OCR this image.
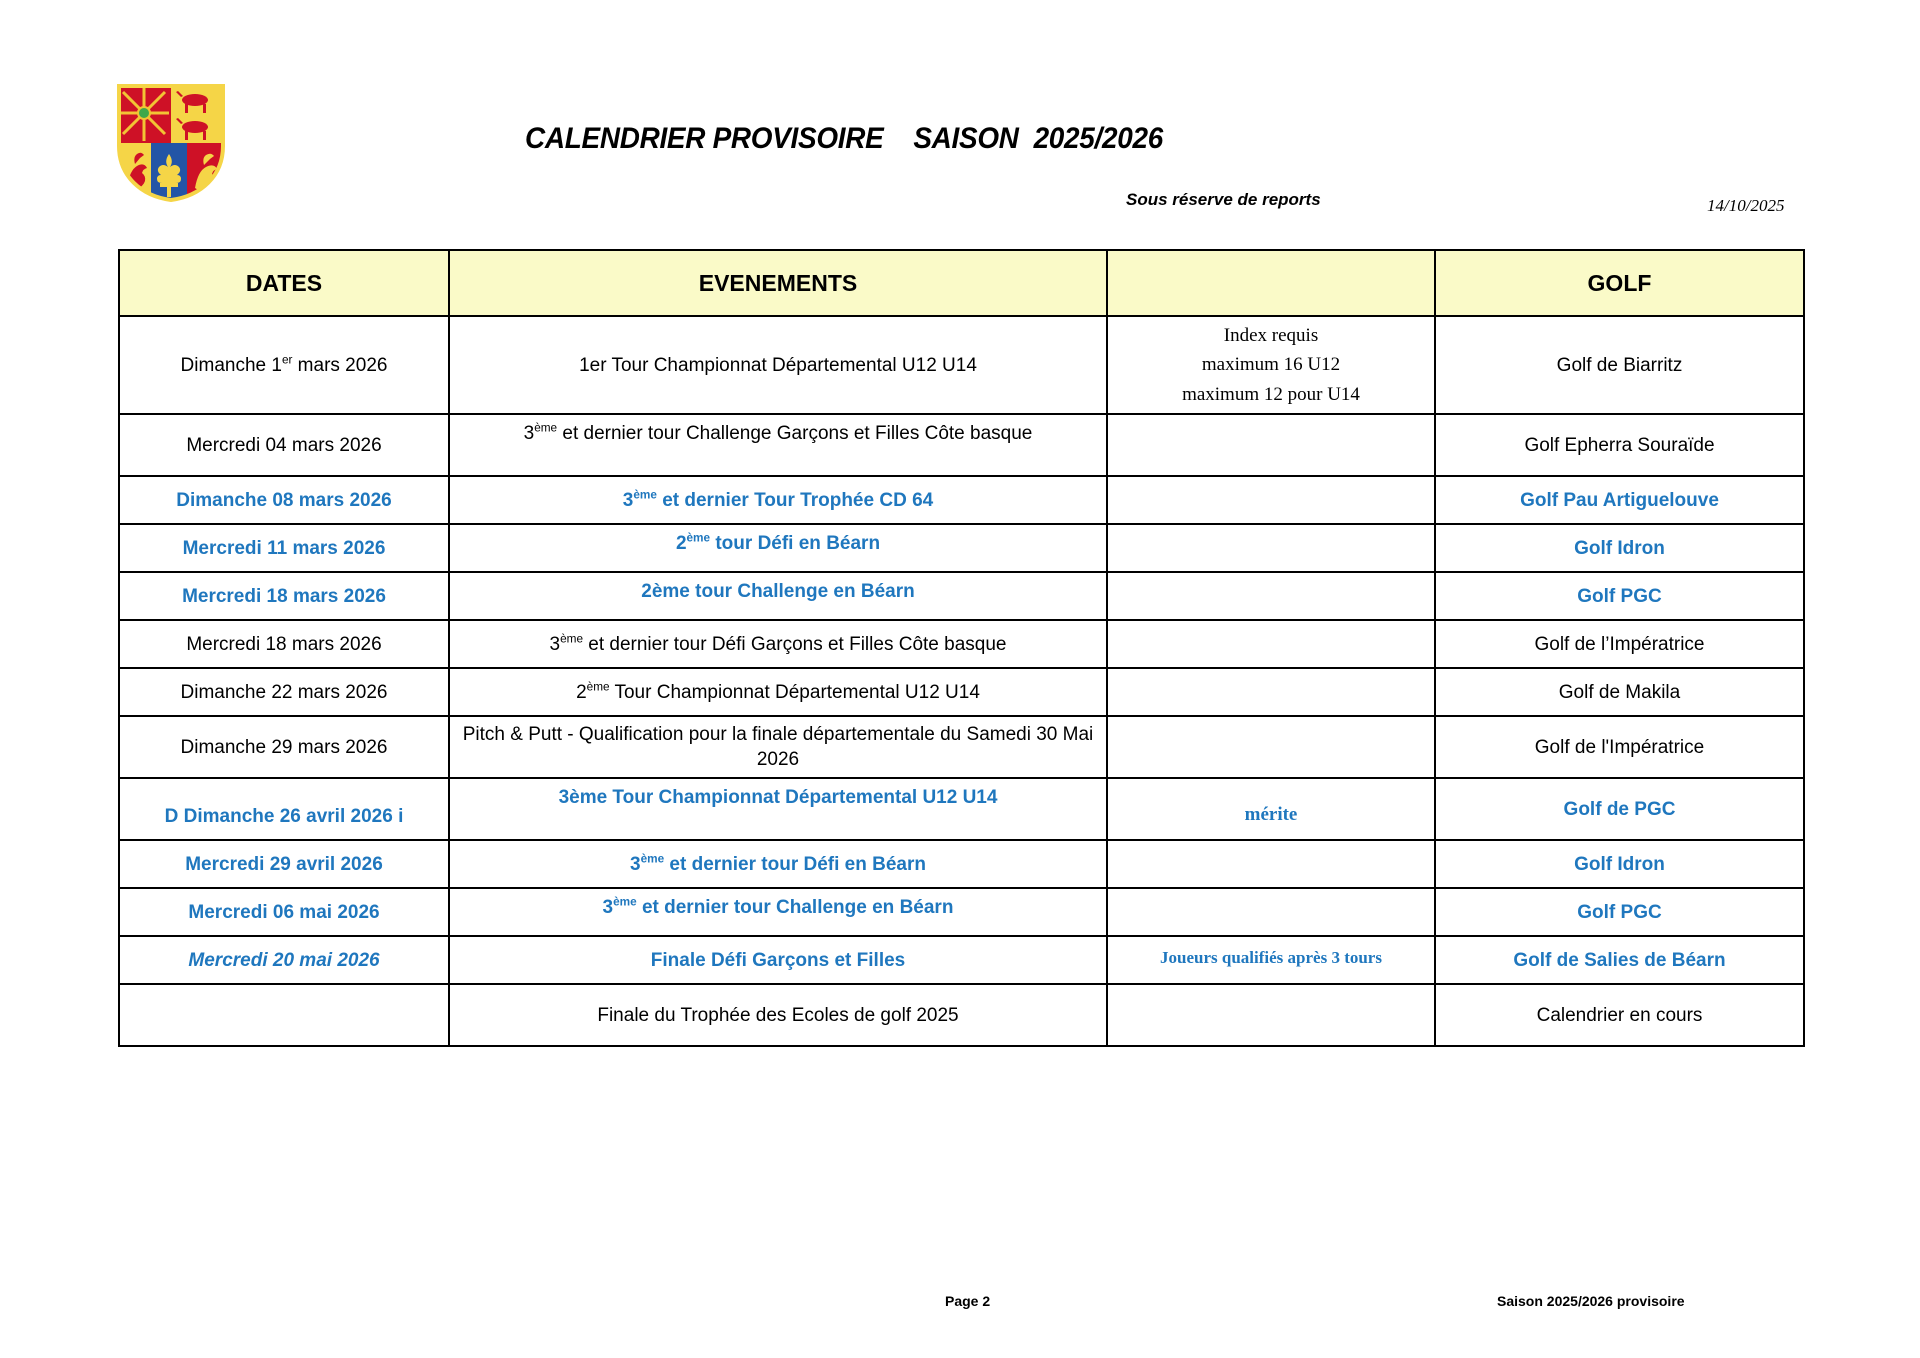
CALENDRIER PROVISOIRE    SAISON  2025/2026
Sous réserve de reports	14/10/2025
DATES	EVENEMENTS		GOLF
Dimanche 1er mars 2026	1er Tour Championnat Départemental U12 U14	Index requis
maximum 16 U12
maximum 12 pour U14	Golf de Biarritz
Mercredi 04 mars 2026	3ème et dernier tour Challenge Garçons et Filles Côte basque		Golf Epherra Souraïde
Dimanche 08 mars 2026	3ème et dernier Tour Trophée CD 64		Golf Pau Artiguelouve
Mercredi 11 mars 2026	2ème tour Défi en Béarn		Golf Idron
Mercredi 18 mars 2026	2ème tour Challenge en Béarn		Golf PGC
Mercredi 18 mars 2026	3ème et dernier tour Défi Garçons et Filles Côte basque		Golf de l’Impératrice
Dimanche 22 mars 2026	2ème Tour Championnat Départemental U12 U14		Golf de Makila
Dimanche 29 mars 2026	Pitch & Putt - Qualification pour la finale départementale du Samedi 30 Mai 2026		Golf de l'Impératrice
D Dimanche 26 avril 2026 i	3ème Tour Championnat Départemental U12 U14	mérite	Golf de PGC
Mercredi 29 avril 2026	3ème et dernier tour Défi en Béarn		Golf Idron
Mercredi 06 mai 2026	3ème et dernier tour Challenge en Béarn		Golf PGC
Mercredi 20 mai 2026	Finale Défi Garçons et Filles	Joueurs qualifiés après 3 tours	Golf de Salies de Béarn
	Finale du Trophée des Ecoles de golf 2025		Calendrier en cours
Page 2	Saison 2025/2026 provisoire
